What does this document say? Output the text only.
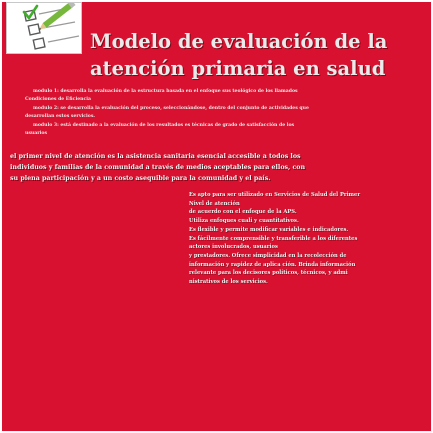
Modelo de evaluación de la
atención primaria en salud

modulo 1: desarrolla la evaluación de la estructura basada en el enfoque sus teológico de los llamados Condiciones de Eficiencia

modulo 2: se desarrolla la evaluación del proceso, seleccionándose, dentro del conjunto de actividades que desarrollan estos servicios.

modulo 3: está destinado a la evaluación de los resultados es técnicas de grado de satisfacción de los usuarios

el primer nivel de atención es la asistencia sanitaria esencial accesible a todos los individuos y familias de la comunidad a través de medios aceptables para ellos, con su plena participación y a un costo asequible para la comunidad y el país.

Es apto para ser utilizado en Servicios de Salud del Primer Nivel de atención

de acuerdo con el enfoque de la APS.

Utiliza enfoques cuali y cuantitativos.

Es flexible y permite modificar variables e indicadores.

Es fácilmente comprensible y transferible a los diferentes actores involucrados, usuarios

y prestadores. Ofrece simplicidad en la recolección de información y rapidez de aplica ción. Brinda información relevante para los decisores políticos, técnicos, y admi nistrativos de los servicios.
